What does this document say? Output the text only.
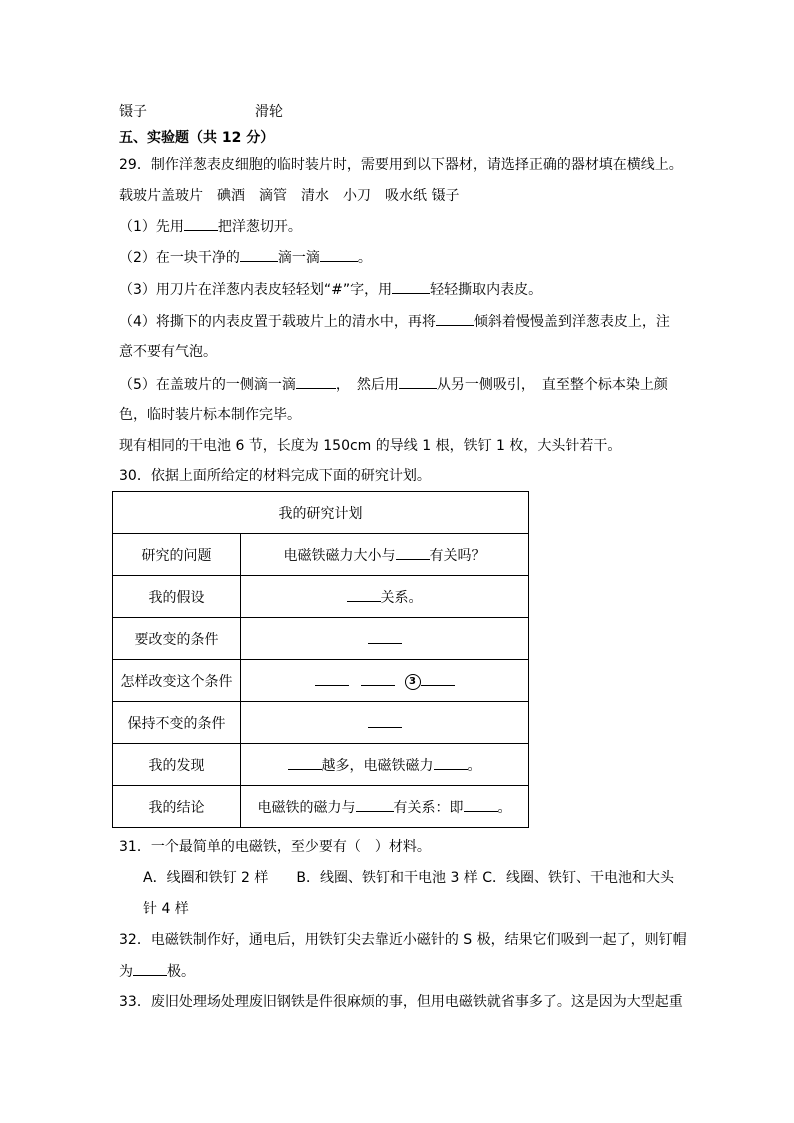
镊子	滑轮
五、实验题（共 12 分）
29．制作洋葱表皮细胞的临时装片时，需要用到以下器材，请选择正确的器材填在横线上。
载玻片盖玻片　碘酒　滴管　清水　小刀　吸水纸 镊子
（1）先用 把洋葱切开。
（2）在一块干净的	滴一滴	。
（3）用刀片在洋葱内表皮轻轻划“#”字，用	轻轻撕取内表皮。
（4）将撕下的内表皮置于载玻片上的清水中，再将	倾斜着慢慢盖到洋葱表皮上，注
意不要有气泡。
（5）在盖玻片的一侧滴一滴	，　然后用	从另一侧吸引，　直至整个标本染上颜
色，临时装片标本制作完毕。
现有相同的干电池 6 节，长度为 150cm 的导线 1 根，铁钉 1 枚，大头针若干。
30．依据上面所给定的材料完成下面的研究计划。
我的研究计划	
研究的问题	电磁铁磁力大小与 有关吗？
我的假设	关系。
要改变的条件	
怎样改变这个条件	3
保持不变的条件	
我的发现	越多，电磁铁磁力 。
我的结论	电磁铁的磁力与 有关系：即 。
31．一个最简单的电磁铁，至少要有（　）材料。
A．线圈和铁钉 2 样　　B．线圈、铁钉和干电池 3 样 C．线圈、铁钉、干电池和大头
针 4 样
32．电磁铁制作好，通电后，用铁钉尖去靠近小磁针的 S 极，结果它们吸到一起了，则钉帽
为 极。
33．废旧处理场处理废旧钢铁是件很麻烦的事，但用电磁铁就省事多了。这是因为大型起重
